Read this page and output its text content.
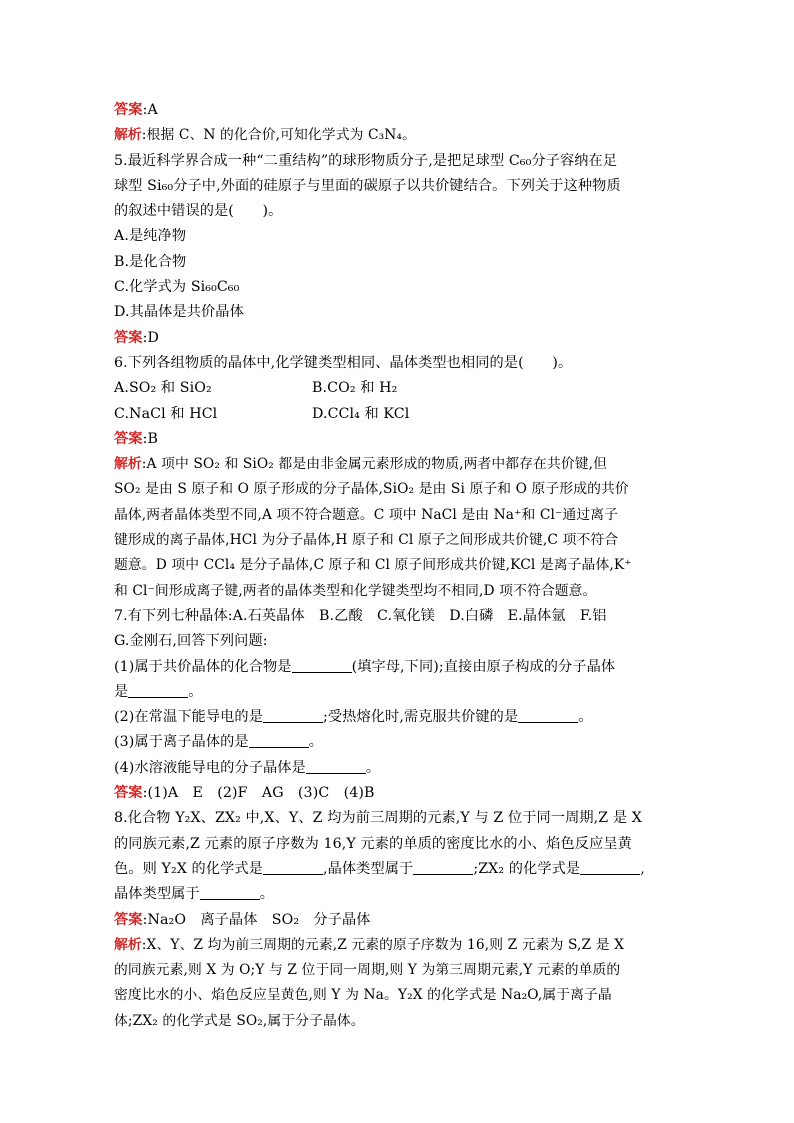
答案:A
解析:根据 C、N 的化合价,可知化学式为 C₃N₄。
5.最近科学界合成一种“二重结构”的球形物质分子,是把足球型 C₆₀分子容纳在足
球型 Si₆₀分子中,外面的硅原子与里面的碳原子以共价键结合。下列关于这种物质
的叙述中错误的是(　　)。
A.是纯净物
B.是化合物
C.化学式为 Si₆₀C₆₀
D.其晶体是共价晶体
答案:D
6.下列各组物质的晶体中,化学键类型相同、晶体类型也相同的是(　　)。
A.SO₂ 和 SiO₂	B.CO₂ 和 H₂
C.NaCl 和 HCl	D.CCl₄ 和 KCl
答案:B
解析:A 项中 SO₂ 和 SiO₂ 都是由非金属元素形成的物质,两者中都存在共价键,但
SO₂ 是由 S 原子和 O 原子形成的分子晶体,SiO₂ 是由 Si 原子和 O 原子形成的共价
晶体,两者晶体类型不同,A 项不符合题意。C 项中 NaCl 是由 Na⁺和 Cl⁻通过离子
键形成的离子晶体,HCl 为分子晶体,H 原子和 Cl 原子之间形成共价键,C 项不符合
题意。D 项中 CCl₄ 是分子晶体,C 原子和 Cl 原子间形成共价键,KCl 是离子晶体,K⁺
和 Cl⁻间形成离子键,两者的晶体类型和化学键类型均不相同,D 项不符合题意。
7.有下列七种晶体:A.石英晶体　B.乙酸　C.氧化镁　D.白磷　E.晶体氩　F.铝
G.金刚石,回答下列问题:
(1)属于共价晶体的化合物是	(填字母,下同);直接由原子构成的分子晶体
是	。
(2)在常温下能导电的是	;受热熔化时,需克服共价键的是	。
(3)属于离子晶体的是	。
(4)水溶液能导电的分子晶体是	。
答案:(1)A　E　(2)F　AG　(3)C　(4)B
8.化合物 Y₂X、ZX₂ 中,X、Y、Z 均为前三周期的元素,Y 与 Z 位于同一周期,Z 是 X
的同族元素,Z 元素的原子序数为 16,Y 元素的单质的密度比水的小、焰色反应呈黄
色。则 Y₂X 的化学式是	,晶体类型属于	;ZX₂ 的化学式是	,
晶体类型属于	。
答案:Na₂O　离子晶体　SO₂　分子晶体
解析:X、Y、Z 均为前三周期的元素,Z 元素的原子序数为 16,则 Z 元素为 S,Z 是 X
的同族元素,则 X 为 O;Y 与 Z 位于同一周期,则 Y 为第三周期元素,Y 元素的单质的
密度比水的小、焰色反应呈黄色,则 Y 为 Na。Y₂X 的化学式是 Na₂O,属于离子晶
体;ZX₂ 的化学式是 SO₂,属于分子晶体。
